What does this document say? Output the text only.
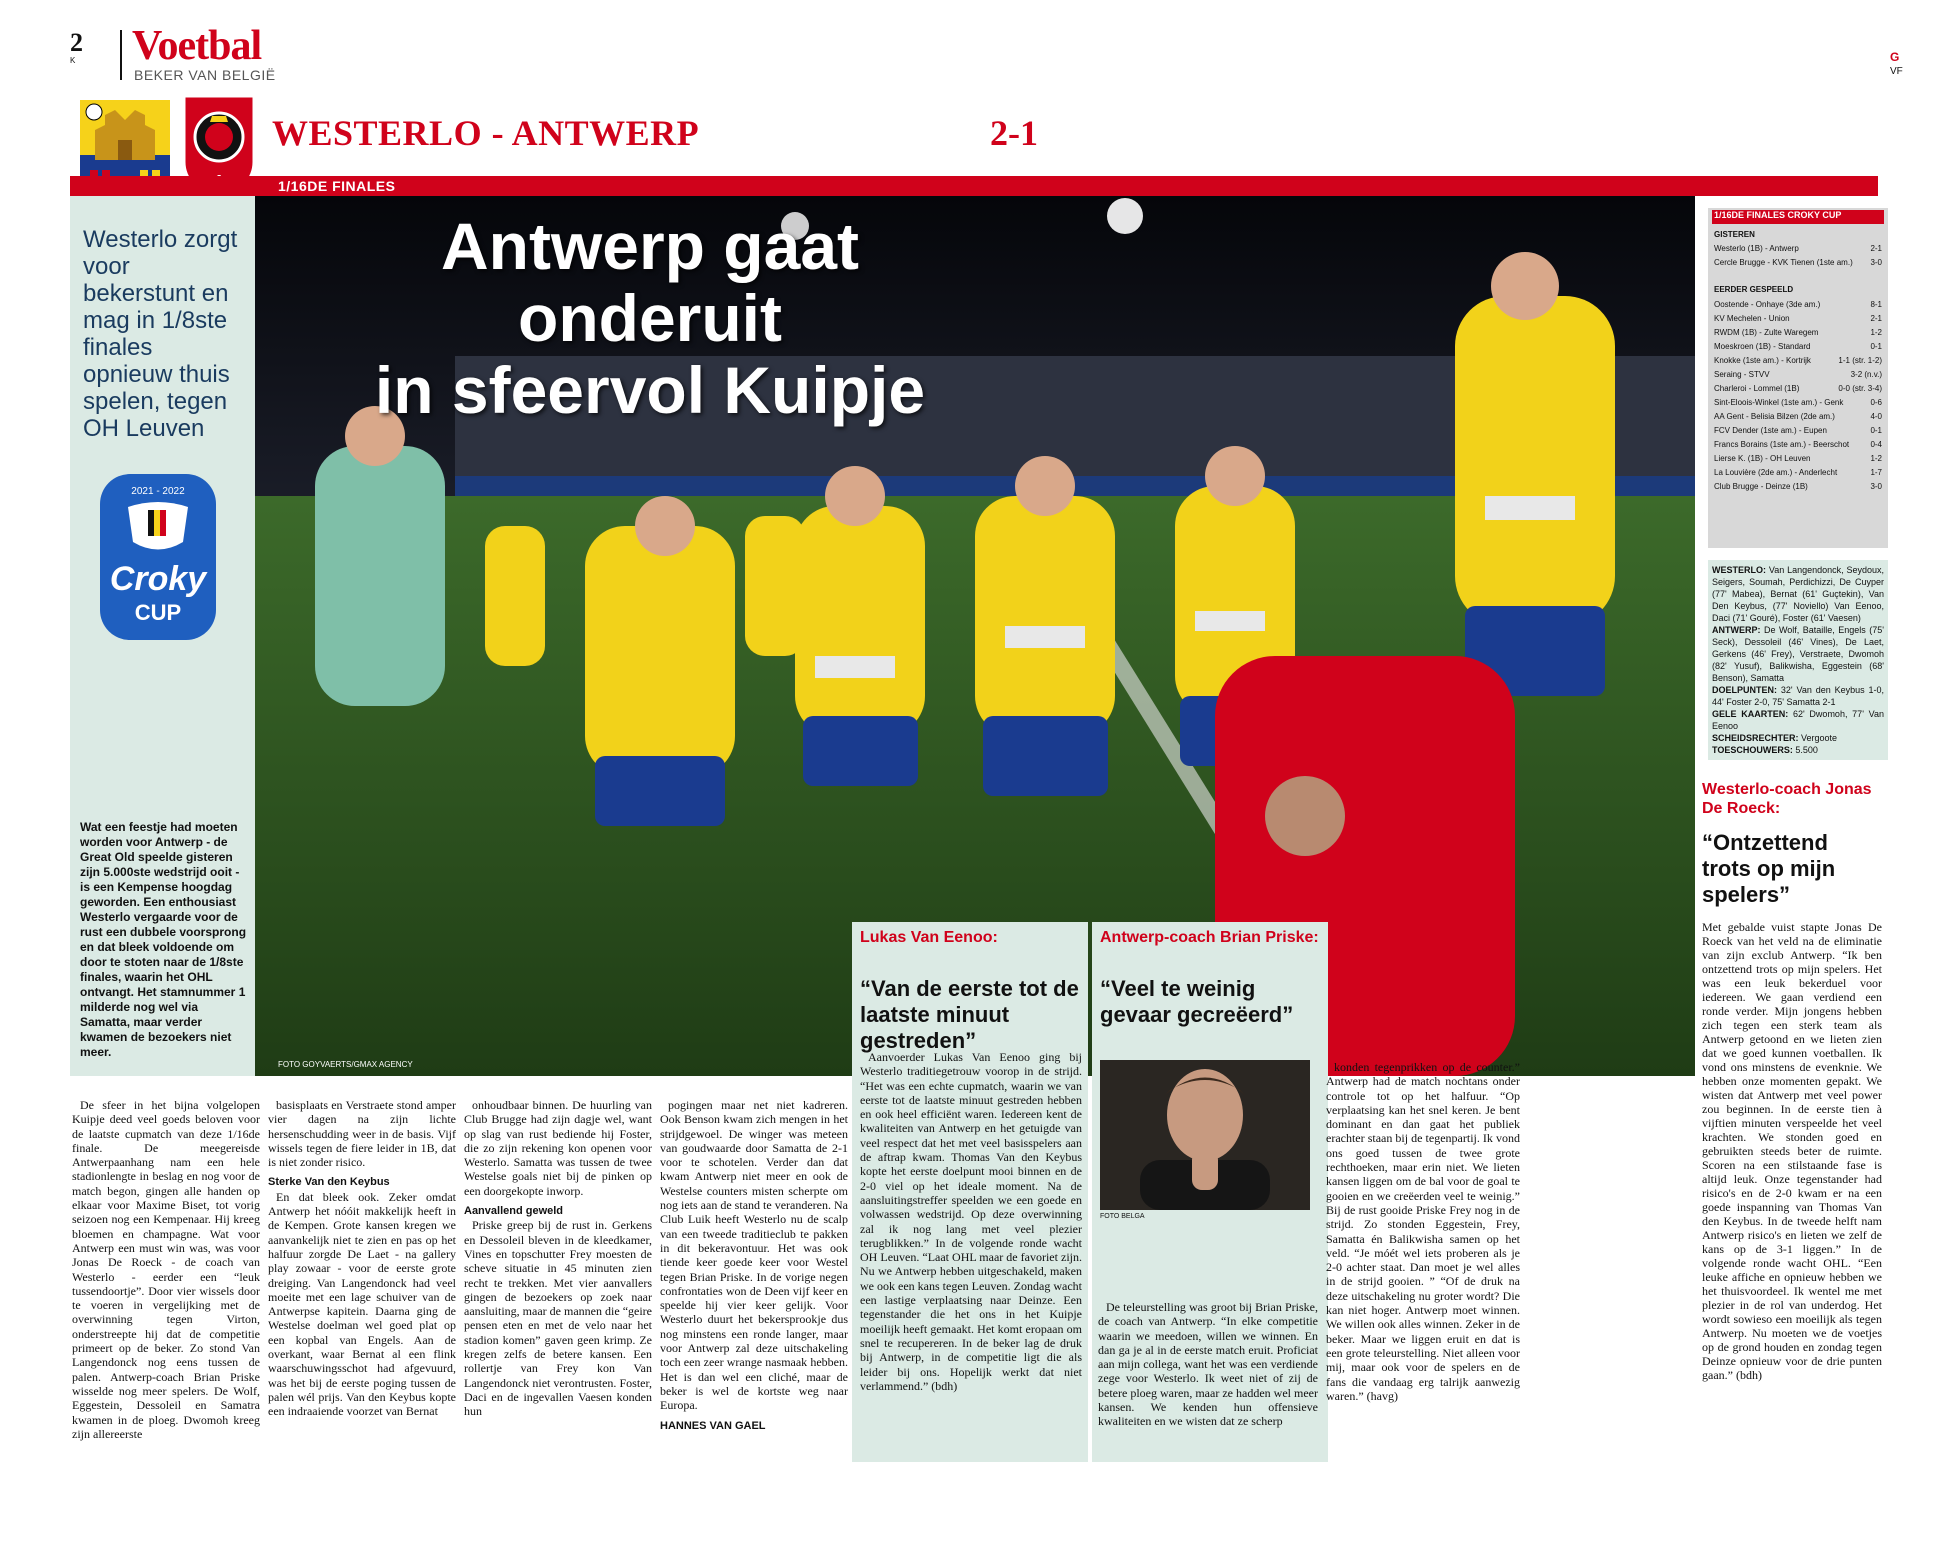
2
K Voetbal
BEKER VAN BELGIË
G
VF
WESTERLO - ANTWERP	2-1
1/16DE FINALES
Westerlo zorgt voor bekerstunt en mag in 1/8ste finales opnieuw thuis spelen, tegen OH Leuven
2021 - 2022
Croky
CUP
Wat een feestje had moeten worden voor Antwerp - de Great Old speelde gisteren zijn 5.000ste wedstrijd ooit - is een Kempense hoogdag geworden. Een enthousiast Westerlo vergaarde voor de rust een dubbele voorsprong en dat bleek voldoende om door te stoten naar de 1/8ste finales, waarin het OHL ontvangt. Het stamnummer 1 milderde nog wel via Samatta, maar verder kwamen de bezoekers niet meer.
Antwerp gaat onderuit
in sfeervol Kuipje
FOTO GOYVAERTS/GMAX AGENCY
1/16DE FINALES CROKY CUP
GISTEREN
Westerlo (1B) - Antwerp	2-1
Cercle Brugge - KVK Tienen (1ste am.) 3-0
EERDER GESPEELD
Oostende - Onhaye (3de am.)	8-1
KV Mechelen - Union	2-1
RWDM (1B) - Zulte Waregem	1-2
Moeskroen (1B) - Standard	0-1
Knokke (1ste am.) - Kortrijk	1-1 (str. 1-2)
Seraing - STVV	3-2 (n.v.)
Charleroi - Lommel (1B)	0-0 (str. 3-4)
Sint-Eloois-Winkel (1ste am.) - Genk	0-6
AA Gent - Belisia Bilzen (2de am.)	4-0
FCV Dender (1ste am.) - Eupen	0-1
Francs Borains (1ste am.) - Beerschot	0-4
Lierse K. (1B) - OH Leuven	1-2
La Louvière (2de am.) - Anderlecht	1-7
Club Brugge - Deinze (1B)	3-0
WESTERLO: Van Langendonck, Seydoux, Seigers, Soumah, Perdichizzi, De Cuyper (77' Mabea), Bernat (61' Guçtekin), Van Den Keybus, (77' Noviello) Van Eenoo, Daci (71' Gouré), Foster (61' Vaesen)
ANTWERP: De Wolf, Bataille, Engels (75' Seck), Dessoleil (46' Vines), De Laet, Gerkens (46' Frey), Verstraete, Dwomoh (82' Yusuf), Balikwisha, Eggestein (68' Benson), Samatta
DOELPUNTEN: 32' Van den Keybus 1-0, 44' Foster 2-0, 75' Samatta 2-1
GELE KAARTEN: 62' Dwomoh, 77' Van Eenoo
SCHEIDSRECHTER: Vergoote
TOESCHOUWERS: 5.500
Westerlo-coach Jonas De Roeck:
“Ontzettend trots op mijn spelers”
Met gebalde vuist stapte Jonas De Roeck van het veld na de eliminatie van zijn exclub Antwerp. “Ik ben ontzettend trots op mijn spelers. Het was een leuk bekerduel voor iedereen. We gaan verdiend een ronde verder. Mijn jongens hebben zich tegen een sterk team als Antwerp getoond en we lieten zien dat we goed kunnen voetballen. Ik vond ons minstens de evenknie. We hebben onze momenten gepakt. We wisten dat Antwerp met veel power zou beginnen. In de eerste tien à vijftien minuten verspeelde het veel krachten. We stonden goed en gebruikten steeds beter de ruimte. Scoren na een stilstaande fase is altijd leuk. Onze tegenstander had risico's en de 2-0 kwam er na een goede inspanning van Thomas Van den Keybus. In de tweede helft nam Antwerp risico's en lieten we zelf de kans op de 3-1 liggen.” In de volgende ronde wacht OHL. “Een leuke affiche en opnieuw hebben we het thuisvoordeel. Ik wentel me met plezier in de rol van underdog. Het wordt sowieso een moeilijk als tegen Antwerp. Nu moeten we de voetjes op de grond houden en zondag tegen Deinze opnieuw voor de drie punten gaan.” (bdh)
Lukas Van Eenoo:
“Van de eerste tot de laatste minuut gestreden”
Antwerp-coach Brian Priske:
“Veel te weinig gevaar gecreëerd”
FOTO BELGA

De sfeer in het bijna volgelopen Kuipje deed veel goeds beloven voor de laatste cupmatch van deze 1/16de finale. De meegereisde Antwerpaanhang nam een hele stadionlengte in beslag en nog voor de match begon, gingen alle handen op elkaar voor Maxime Biset, tot vorig seizoen nog een Kempenaar. Hij kreeg bloemen en champagne. Wat voor Antwerp een must win was, was voor Jonas De Roeck - de coach van Westerlo - eerder een “leuk tussendoortje”. Door vier wissels door te voeren in vergelijking met de overwinning tegen Virton, onderstreepte hij dat de competitie primeert op de beker. Zo stond Van Langendonck nog eens tussen de palen. Antwerp-coach Brian Priske wisselde nog meer spelers. De Wolf, Eggestein, Dessoleil en Samatra kwamen in de ploeg. Dwomoh kreeg zijn allereerste

basisplaats en Verstraete stond amper vier dagen na zijn lichte hersenschudding weer in de basis. Vijf wissels tegen de fiere leider in 1B, dat is niet zonder risico.

Sterke Van den Keybus

En dat bleek ook. Zeker omdat Antwerp het nóóit makkelijk heeft in de Kempen. Grote kansen kregen we aanvankelijk niet te zien en pas op het halfuur zorgde De Laet - na gallery play zowaar - voor de eerste grote dreiging. Van Langendonck had veel moeite met een lage schuiver van de Antwerpse kapitein. Daarna ging de Westelse doelman wel goed plat op een kopbal van Engels. Aan de overkant, waar Bernat al een flink waarschuwingsschot had afgevuurd, was het bij de eerste poging tussen de palen wél prijs. Van den Keybus kopte een indraaiende voorzet van Bernat

onhoudbaar binnen. De huurling van Club Brugge had zijn dagje wel, want op slag van rust bediende hij Foster, die zo zijn rekening kon openen voor Westerlo. Samatta was tussen de twee Westelse goals niet bij de pinken op een doorgekopte inworp.

Aanvallend geweld

Priske greep bij de rust in. Gerkens en Dessoleil bleven in de kleedkamer, Vines en topschutter Frey moesten de scheve situatie in 45 minuten zien recht te trekken. Met vier aanvallers gingen de bezoekers op zoek naar aansluiting, maar de mannen die “geire pensen eten en met de velo naar het stadion komen” gaven geen krimp. Ze kregen zelfs de betere kansen. Een rollertje van Frey kon Van Langendonck niet verontrusten. Foster, Daci en de ingevallen Vaesen konden hun

pogingen maar net niet kadreren. Ook Benson kwam zich mengen in het strijdgewoel. De winger was meteen van goudwaarde door Samatta de 2-1 voor te schotelen. Verder dan dat kwam Antwerp niet meer en ook de Westelse counters misten scherpte om nog iets aan de stand te veranderen. Na Club Luik heeft Westerlo nu de scalp van een tweede traditieclub te pakken in dit bekeravontuur. Het was ook tiende keer goede keer voor Westel tegen Brian Priske. In de vorige negen confrontaties won de Deen vijf keer en speelde hij vier keer gelijk. Voor Westerlo duurt het bekersprookje dus nog minstens een ronde langer, maar voor Antwerp zal deze uitschakeling toch een zeer wrange nasmaak hebben. Het is dan wel een cliché, maar de beker is wel de kortste weg naar Europa.

HANNES VAN GAEL

Aanvoerder Lukas Van Eenoo ging bij Westerlo traditiegetrouw voorop in de strijd. “Het was een echte cupmatch, waarin we van eerste tot de laatste minuut gestreden hebben en ook heel efficiënt waren. Iedereen kent de kwaliteiten van Antwerp en het getuigde van veel respect dat het met veel basisspelers aan de aftrap kwam. Thomas Van den Keybus kopte het eerste doelpunt mooi binnen en de 2-0 viel op het ideale moment. Na de aansluitingstreffer speelden we een goede en volwassen wedstrijd. Op deze overwinning zal ik nog lang met veel plezier terugblikken.” In de volgende ronde wacht OH Leuven. “Laat OHL maar de favoriet zijn. Nu we Antwerp hebben uitgeschakeld, maken we ook een kans tegen Leuven. Zondag wacht een lastige verplaatsing naar Deinze. Een tegenstander die het ons in het Kuipje moeilijk heeft gemaakt. Het komt eropaan om snel te recupereren. In de beker lag de druk bij Antwerp, in de competitie ligt die als leider bij ons. Hopelijk werkt dat niet verlammend.” (bdh)

De teleurstelling was groot bij Brian Priske, de coach van Antwerp. “In elke competitie waarin we meedoen, willen we winnen. En dan ga je al in de eerste match eruit. Proficiat aan mijn collega, want het was een verdiende zege voor Westerlo. Ik weet niet of zij de betere ploeg waren, maar ze hadden wel meer kansen. We kenden hun offensieve kwaliteiten en we wisten dat ze scherp

konden tegenprikken op de counter.” Antwerp had de match nochtans onder controle tot op het halfuur. “Op verplaatsing kan het snel keren. Je bent dominant en dan gaat het publiek erachter staan bij de tegenpartij. Ik vond ons goed tussen de twee grote rechthoeken, maar erin niet. We lieten kansen liggen om de bal voor de goal te gooien en we creëerden veel te weinig.” Bij de rust gooide Priske Frey nog in de strijd. Zo stonden Eggestein, Frey, Samatta én Balikwisha samen op het veld. “Je móét wel iets proberen als je 2-0 achter staat. Dan moet je wel alles in de strijd gooien. ” “Of de druk na deze uitschakeling nu groter wordt? Die kan niet hoger. Antwerp moet winnen. We willen ook alles winnen. Zeker in de beker. Maar we liggen eruit en dat is een grote teleurstelling. Niet alleen voor mij, maar ook voor de spelers en de fans die vandaag erg talrijk aanwezig waren.” (havg)
